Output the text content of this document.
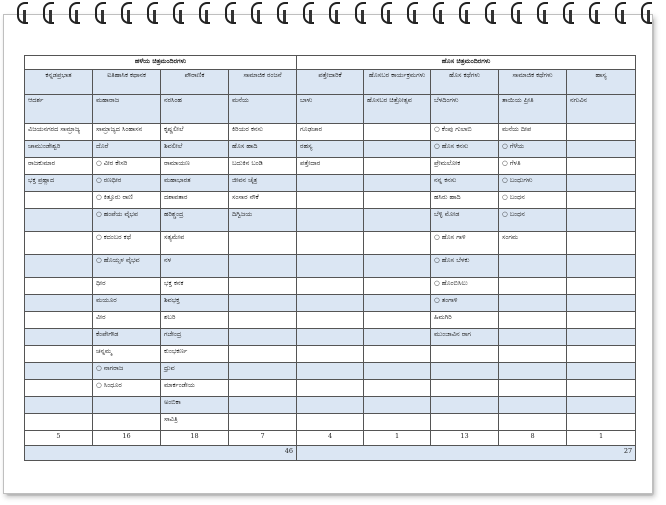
ಹಳೆಯ ಚಿತ್ರಮಂದಿರಗಳು				ಹೊಸ ಚಿತ್ರಮಂದಿರಗಳು				
ಕನ್ನಡಪ್ರಭಾತ	ಐತಿಹಾಸಿಕ ಕಥಾನಕ	ಪೌರಾಣಿಕ	ಸಾಮಾಜಿಕ ರಂಜನೆ	ಪತ್ತೇದಾರಿಕೆ	ಹೊಸಬರ ಕಾರ್ಯಕ್ರಮಗಳು	ಹೊಸ ಕಥೆಗಳು	ಸಾಮಾಜಿಕ ಕಥೆಗಳು	ಹಾಸ್ಯ
ಆದರ್ಶ	ಮಹಾರಾಜ	ನರಸಿಂಹ	ಮನೆಯ	ಬಾಳು	ಹೊಸಬರ ಚಿತ್ರೋತ್ಸವ	ಬೆಳದಿಂಗಳು	ತಾಯಿಯ ಪ್ರೀತಿ	ನಗುವಿನ
ವಿಜಯನಗರದ ಸಾಮ್ರಾಜ್ಯ	ಸಾಮ್ರಾಜ್ಯದ ಸಿಂಹಾಸನ	ಕೃಷ್ಣಲೀಲೆ	ಕಿರಿಯರ ಕನಸು	ಗೂಢಚಾರ		○ ಕೆಂಪು ಗುಲಾಬಿ	ಮನೆಯ ದೀಪ	
ಚಾಮುಂಡೇಶ್ವರಿ	ದೊರೆ	ಶಿವಲೀಲೆ	ಹೊಸ ಹಾದಿ	ರಹಸ್ಯ		○ ಹೊಸ ಕನಸು	○ ಗೆಳೆಯ	
ರಾಜಕುಮಾರ	○ ವೀರ ಕೇಸರಿ	ರಾಮಾಯಣ	ಬದುಕಿನ ಬಂಡಿ	ಪತ್ತೇದಾರ		ಪ್ರೇಮಲೋಕ	○ ಗೆಳತಿ	
ಭಕ್ತ ಪ್ರಹ್ಲಾದ	○ ರಣಧೀರ	ಮಹಾಭಾರತ	ಜೀವನ ಚೈತ್ರ			ನನ್ನ ಕನಸು	○ ಬಂಧುಗಳು	
	○ ಕಿತ್ತೂರು ರಾಣಿ	ದಶಾವತಾರ	ಸಂಸಾರ ನೌಕೆ			ಹಸಿರು ಹಾದಿ	○ ಬಂಧನ	
	○ ಹಂಪೆಯ ವೈಭವ	ಹರಿಶ್ಚಂದ್ರ	ದಿಗ್ವಿಜಯ			ಬೆಳ್ಳಿ ಮೋಡ	○ ಬಂಧನ	
	○ ಕದಂಬರ ಕಥೆ	ಸತ್ಯಮೇವ				○ ಹೊಸ ಗಾಳಿ	ಸಂಗಮ	
	○ ಹೊಯ್ಸಳ ವೈಭವ	ನಳ				○ ಹೊಸ ಬೆಳಕು		
	ಧೀರ	ಭಕ್ತ ಕನಕ				○ ಹೊಂಬಿಸಿಲು		
	ಮಯೂರ	ಶಿವಭಕ್ತ				○ ತಂಗಾಳಿ		
	ವೀರ	ಶಬರಿ				ಹಿಮಗಿರಿ		
	ಕೆಂಪೇಗೌಡ	ಗಜೇಂದ್ರ				ಮುಂಜಾವಿನ ರಾಗ		
	ಚನ್ನಮ್ಮ	ಕುಂಭಕರ್ಣ						
	○ ನಾಗರಾಜ	ಧ್ರುವ						
	○ ಸಿಂಧೂರ	ಮಾರ್ಕಂಡೇಯ						
		ಅಂಬಿಕಾ						
		ಸಾವಿತ್ರಿ						
5	16	18	7	4	1	13	8	1
46				27				
